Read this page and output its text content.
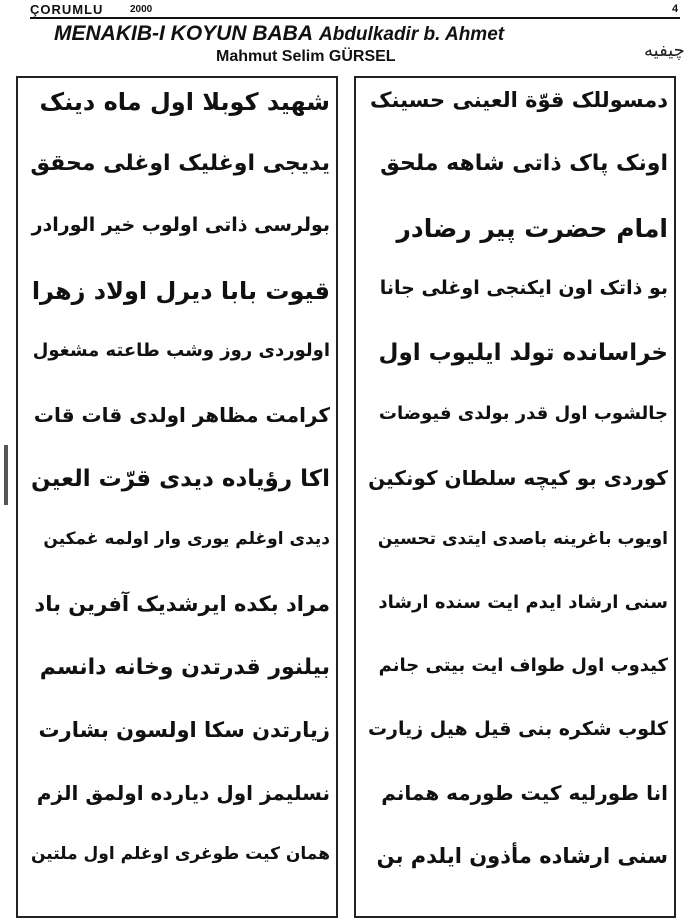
ÇORUMLU	2000	4
MENAKIB-I KOYUN BABA Abdulkadir b. Ahmet
Mahmut Selim GÜRSEL	چیفیه
شهید کوبلا اول ماه دینک
یدیجی اوغلیک اوغلی محقق
بولرسی ذاتی اولوب خیر الورادر
قیوت بابا دیرل اولاد زهرا
اولوردی روز وشب طاعته مشغول
کرامت مظاهر اولدی قات قات
اکا رؤیاده دیدی قرّت العین
دیدی اوغلم یوری وار اولمه غمکین
مراد بکده ایرشدیک آفرین باد
بیلنور قدرتدن وخانه دانسم
زیارتدن سکا اولسون بشارت
نسلیمز اول دیارده اولمق الزم
همان کیت طوغری اوغلم اول ملتین
دمسوللک قوّة العینی حسینک
اونک پاک ذاتی شاهه ملحق
امام حضرت پیر رضادر
بو ذاتک اون ایکنجی اوغلی جانا
خراسانده تولد ایلیوب اول
جالشوب اول قدر بولدی فیوضات
کوردی بو کیچه سلطان کونکین
اویوب باغرینه باصدی ایتدی تحسین
سنی ارشاد ایدم ایت سنده ارشاد
کیدوب اول طواف ایت بیتی جانم
کلوب شکره بنی قیل هیل زیارت
انا طورلیه کیت طورمه همانم
سنی ارشاده مأذون ایلدم بن
